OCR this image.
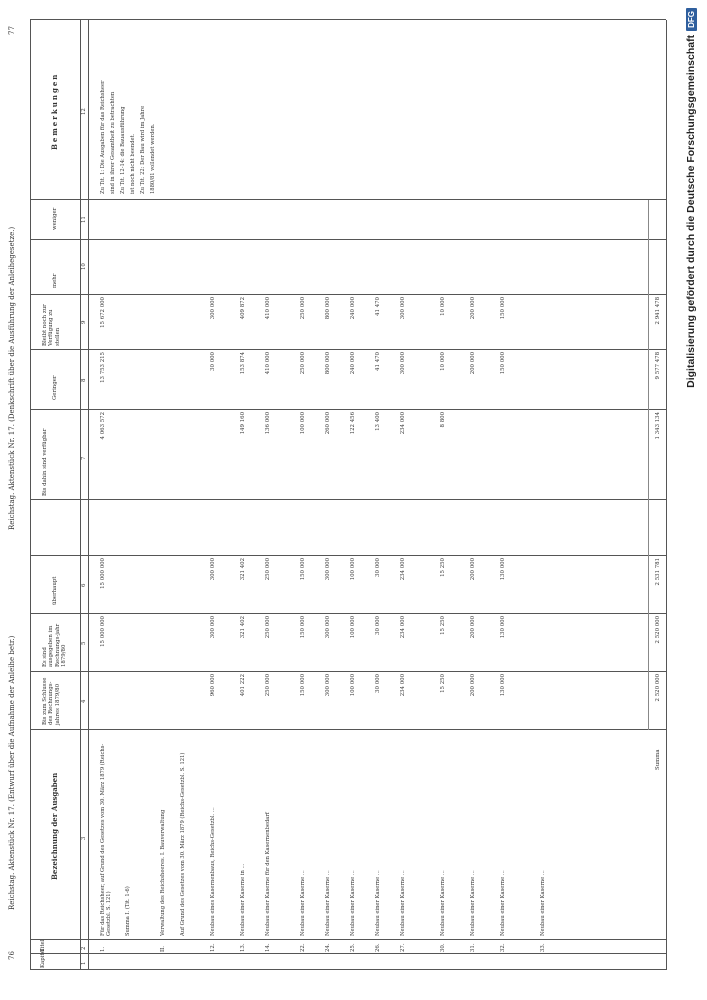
76
Reichstag. Aktenstück Nr. 17. (Entwurf über die Aufnahme der Anleihe betr.)
Reichstag. Aktenstück Nr. 17. (Denkschrift über die Ausführung der Anleihegesetze.)
77
Kapitel
Titel
Bezeichnung der Ausgaben
Bis zum Schlusse des Rechnungs-jahres 1879/80
Es sind ausgegeben im Rechnungs-jahr 1879/80
überhaupt
Bis dahin sind verfügbar
Geringer
Bleibt noch zur Verfügung zu stellen
mehr
weniger
Bemerkungen
1
2
3
4
5
6
7
8
9
10
11
12
1.
Für das Reichsheer, auf Grund des Gesetzes vom 30. März 1879 (Reichs-Gesetzbl. S. 121)
15 000 000
15 000 000
4 063 572
13 753 215
15 672 000
Summa I. (Tit. 1-6)
II.
Verwaltung des Reichsheeres. I. Bauverwaltung	Auf Grund des Gesetzes vom 30. März 1879 (Reichs-Gesetzbl. S. 121)
12.
Neubau eines Kasernenbaus, Reichs-Gesetzbl. ...
960 000
300 000
300 000
30 000
300 000
13.
Neubau einer Kaserne in ...
401 222
321 402
321 402
149 160
153 874
409 872
14.
Neubau einer Kaserne für den Kasernenbedarf
250 000
250 000
250 000
136 000
410 000
410 000
22.
Neubau einer Kaserne ...
150 000
150 000
150 000
100 000
250 000
250 000
24.
Neubau einer Kaserne ...
300 000
300 000
300 000
260 000
800 000
800 000
25.
Neubau einer Kaserne ...
100 000
100 000
100 000
122 456
240 000
240 000
26.
Neubau einer Kaserne ...
30 000
30 000
30 000
13 400
41 470
41 470
27.
Neubau einer Kaserne ...
234 000
234 000
234 000
234 000
300 000
300 000
30.
Neubau einer Kaserne ...
15 250
15 250
15 250
8 800
10 000
10 000
31.
Neubau einer Kaserne ...
200 000
200 000
200 000
200 000
200 000
32.
Neubau einer Kaserne ...
130 000
130 000
130 000
150 000
150 000
33.
Neubau einer Kaserne ...
Summa
2 520 000
2 520 000
2 531 781
1 343 134
9 577 478
2 941 478
Zu Tit. 1: Die Ausgaben für das Reichsheer sind in ihrer Gesamtheit zu betrachten Zu Tit. 12-14: die Bauausführung ist noch nicht beendet. Zu Tit. 22: Der Bau wird im Jahre 1880/81 vollendet werden.	Digitalisierung gefördert durch die Deutsche Forschungsgemeinschaft
DFG
